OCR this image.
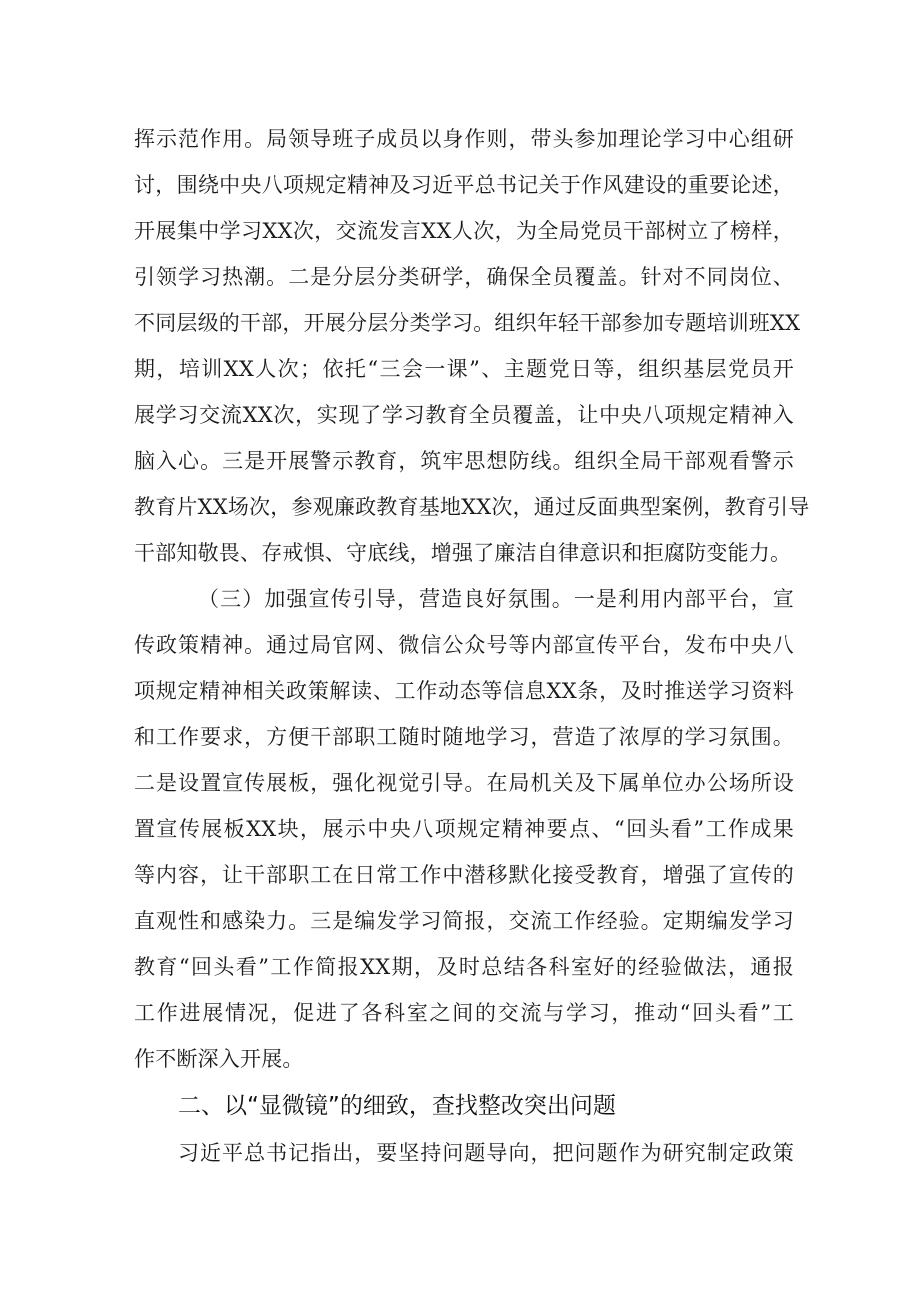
挥示范作用。局领导班子成员以身作则，带头参加理论学习中心组研
讨，围绕中央八项规定精神及习近平总书记关于作风建设的重要论述，
开展集中学习XX次，交流发言XX人次，为全局党员干部树立了榜样，
引领学习热潮。二是分层分类研学，确保全员覆盖。针对不同岗位、
不同层级的干部，开展分层分类学习。组织年轻干部参加专题培训班XX
期，培训XX人次；依托“三会一课”、主题党日等，组织基层党员开
展学习交流XX次，实现了学习教育全员覆盖，让中央八项规定精神入
脑入心。三是开展警示教育，筑牢思想防线。组织全局干部观看警示
教育片XX场次，参观廉政教育基地XX次，通过反面典型案例，教育引导
干部知敬畏、存戒惧、守底线，增强了廉洁自律意识和拒腐防变能力。
（三）加强宣传引导，营造良好氛围。一是利用内部平台，宣
传政策精神。通过局官网、微信公众号等内部宣传平台，发布中央八
项规定精神相关政策解读、工作动态等信息XX条，及时推送学习资料
和工作要求，方便干部职工随时随地学习，营造了浓厚的学习氛围。
二是设置宣传展板，强化视觉引导。在局机关及下属单位办公场所设
置宣传展板XX块，展示中央八项规定精神要点、“回头看”工作成果
等内容，让干部职工在日常工作中潜移默化接受教育，增强了宣传的
直观性和感染力。三是编发学习简报，交流工作经验。定期编发学习
教育“回头看”工作简报XX期，及时总结各科室好的经验做法，通报
工作进展情况，促进了各科室之间的交流与学习，推动“回头看”工
作不断深入开展。
二、以“显微镜”的细致，查找整改突出问题
习近平总书记指出，要坚持问题导向，把问题作为研究制定政策
